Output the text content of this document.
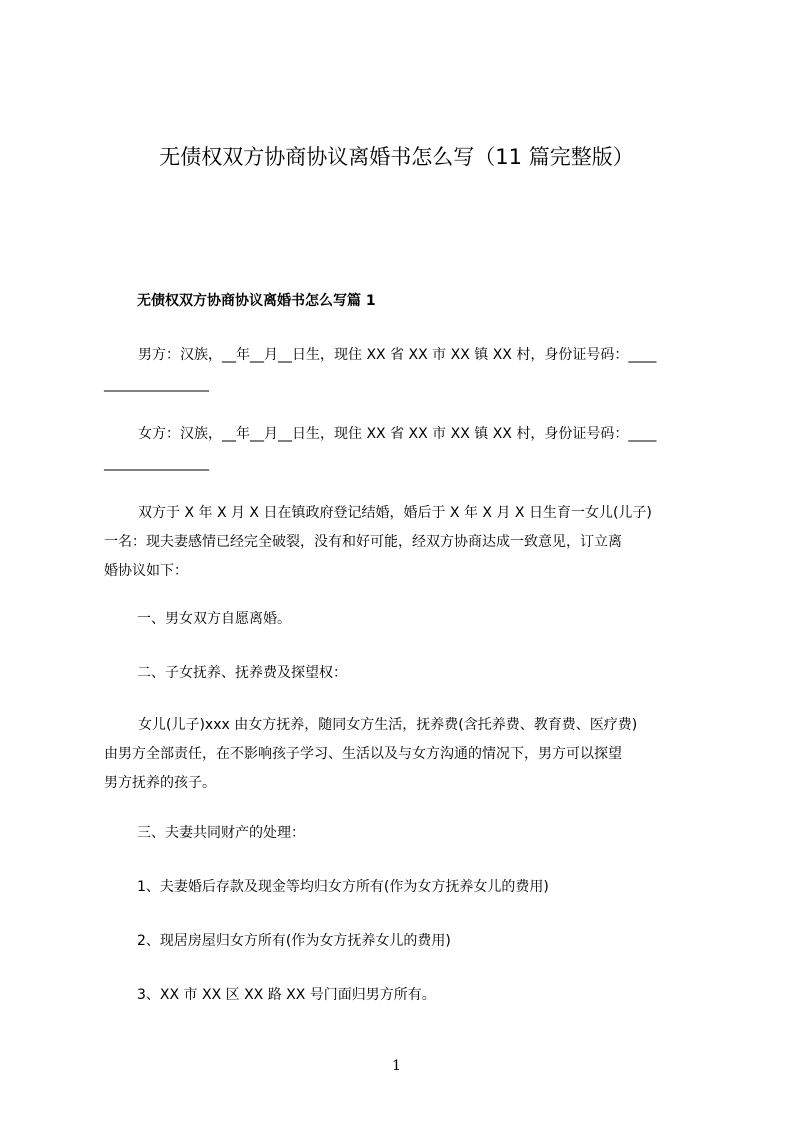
无债权双方协商协议离婚书怎么写（11 篇完整版）
无债权双方协商协议离婚书怎么写篇 1
男方：汉族，__年__月__日生，现住 XX 省 XX 市 XX 镇 XX 村，身份证号码：____
_______________
女方：汉族，__年__月__日生，现住 XX 省 XX 市 XX 镇 XX 村，身份证号码：____
_______________
双方于 X 年 X 月 X 日在镇政府登记结婚，婚后于 X 年 X 月 X 日生育一女儿(儿子)
一名：现夫妻感情已经完全破裂，没有和好可能，经双方协商达成一致意见，订立离
婚协议如下：
一、男女双方自愿离婚。
二、子女抚养、抚养费及探望权：
女儿(儿子)xxx 由女方抚养，随同女方生活，抚养费(含托养费、教育费、医疗费)
由男方全部责任，在不影响孩子学习、生活以及与女方沟通的情况下，男方可以探望
男方抚养的孩子。
三、夫妻共同财产的处理：
1、夫妻婚后存款及现金等均归女方所有(作为女方抚养女儿的费用)
2、现居房屋归女方所有(作为女方抚养女儿的费用)
3、XX 市 XX 区 XX 路 XX 号门面归男方所有。
1
